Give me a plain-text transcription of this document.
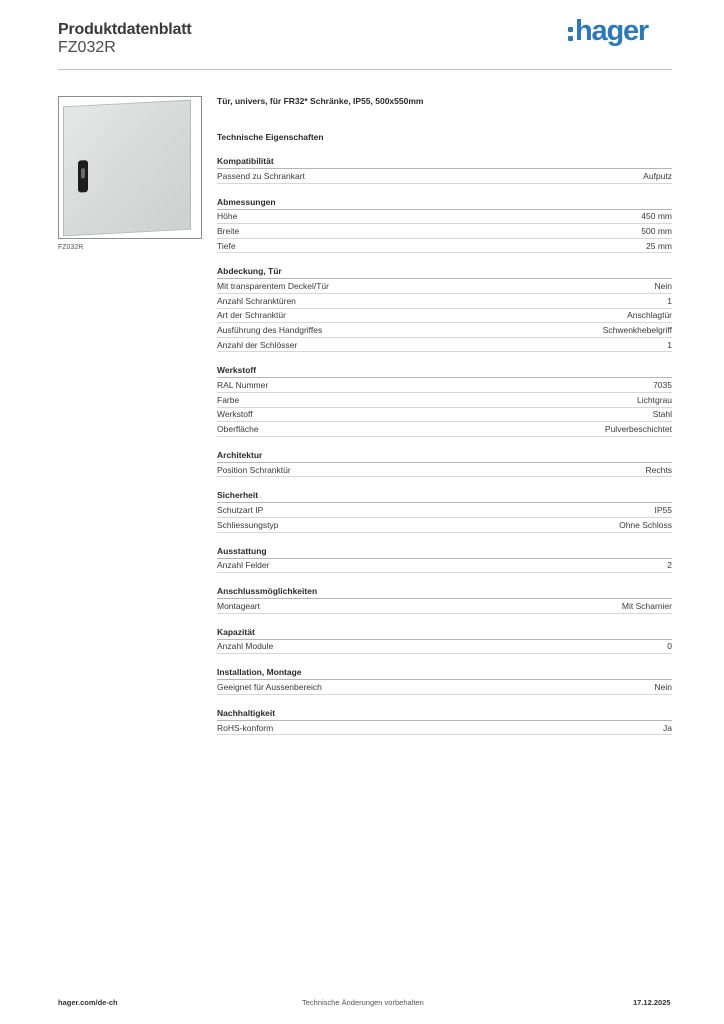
Produktdatenblatt
FZ032R
hager
FZ032R
Tür, univers, für FR32* Schränke, IP55, 500x550mm
Technische Eigenschaften
Kompatibilität
Passend zu Schrankart	Aufputz
Abmessungen
Höhe	450 mm
Breite	500 mm
Tiefe	25 mm
Abdeckung, Tür
Mit transparentem Deckel/Tür	Nein
Anzahl Schranktüren	1
Art der Schranktür	Anschlagtür
Ausführung des Handgriffes	Schwenkhebelgriff
Anzahl der Schlösser	1
Werkstoff
RAL Nummer	7035
Farbe	Lichtgrau
Werkstoff	Stahl
Oberfläche	Pulverbeschichtet
Architektur
Position Schranktür	Rechts
Sicherheit
Schutzart IP	IP55
Schliessungstyp	Ohne Schloss
Ausstattung
Anzahl Felder	2
Anschlussmöglichkeiten
Montageart	Mit Scharnier
Kapazität
Anzahl Module	0
Installation, Montage
Geeignet für Aussenbereich	Nein
Nachhaltigkeit
RoHS-konform	Ja
hager.com/de-ch	Technische Änderungen vorbehalten	17.12.2025
